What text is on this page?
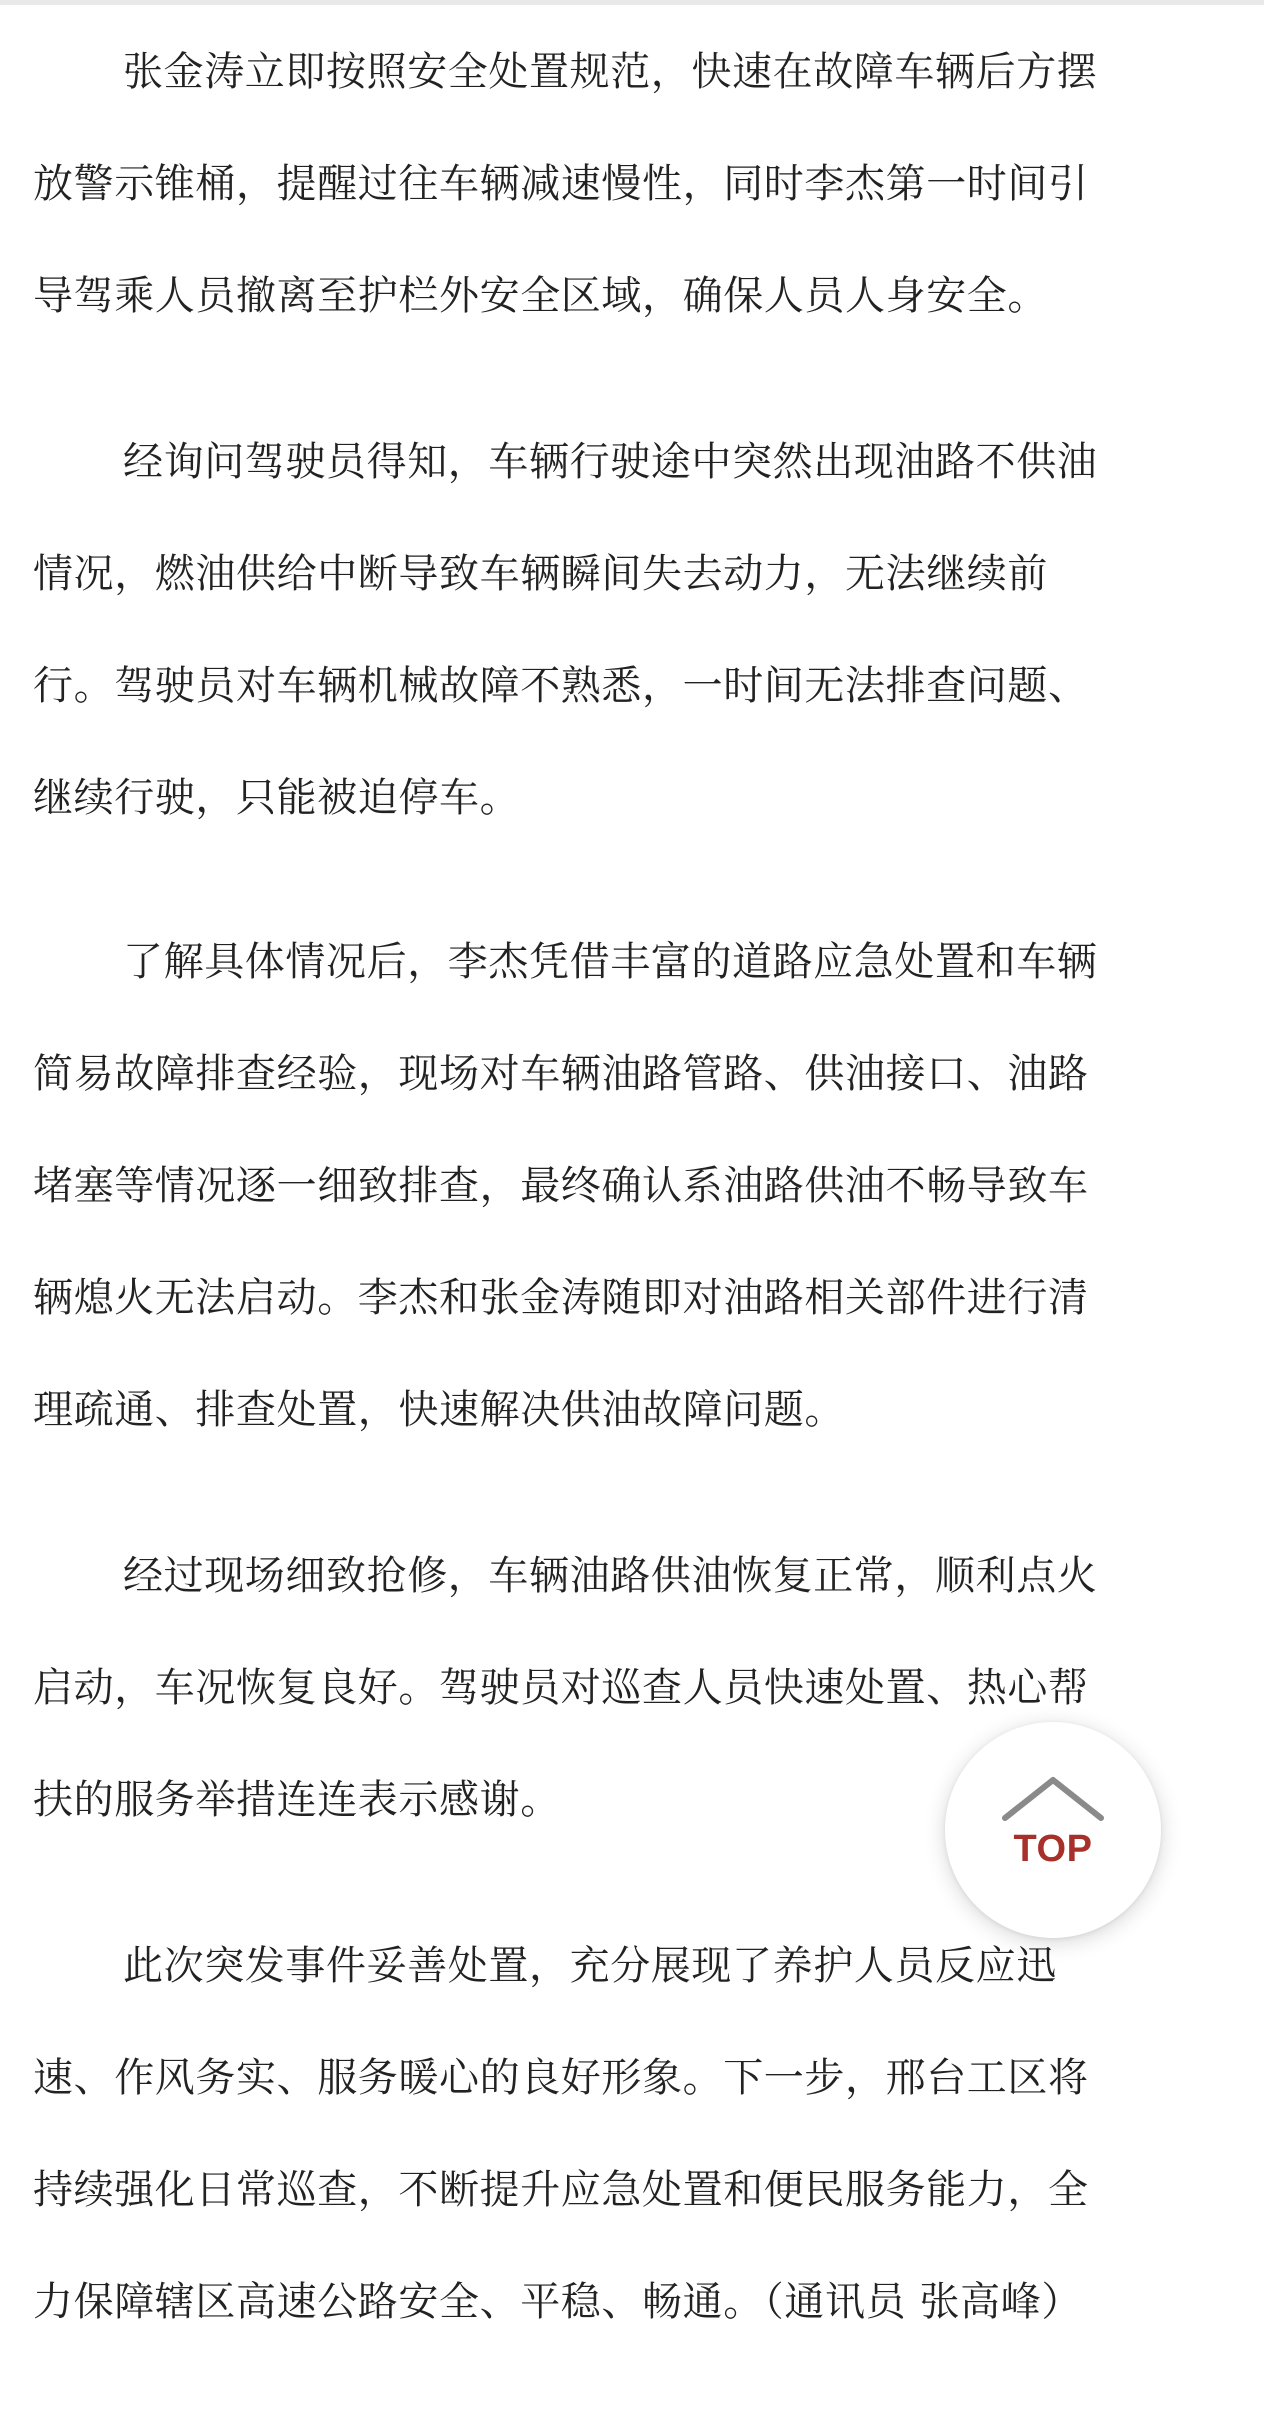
张金涛立即按照安全处置规范，快速在故障车辆后方摆
放警示锥桶，提醒过往车辆减速慢性，同时李杰第一时间引
导驾乘人员撤离至护栏外安全区域，确保人员人身安全。
经询问驾驶员得知，车辆行驶途中突然出现油路不供油
情况，燃油供给中断导致车辆瞬间失去动力，无法继续前
行。驾驶员对车辆机械故障不熟悉，一时间无法排查问题、
继续行驶，只能被迫停车。
了解具体情况后，李杰凭借丰富的道路应急处置和车辆
简易故障排查经验，现场对车辆油路管路、供油接口、油路
堵塞等情况逐一细致排查，最终确认系油路供油不畅导致车
辆熄火无法启动。李杰和张金涛随即对油路相关部件进行清
理疏通、排查处置，快速解决供油故障问题。
经过现场细致抢修，车辆油路供油恢复正常，顺利点火
启动，车况恢复良好。驾驶员对巡查人员快速处置、热心帮
扶的服务举措连连表示感谢。
此次突发事件妥善处置，充分展现了养护人员反应迅
速、作风务实、服务暖心的良好形象。下一步，邢台工区将
持续强化日常巡查，不断提升应急处置和便民服务能力，全
力保障辖区高速公路安全、平稳、畅通。（通讯员 张高峰）
TOP
